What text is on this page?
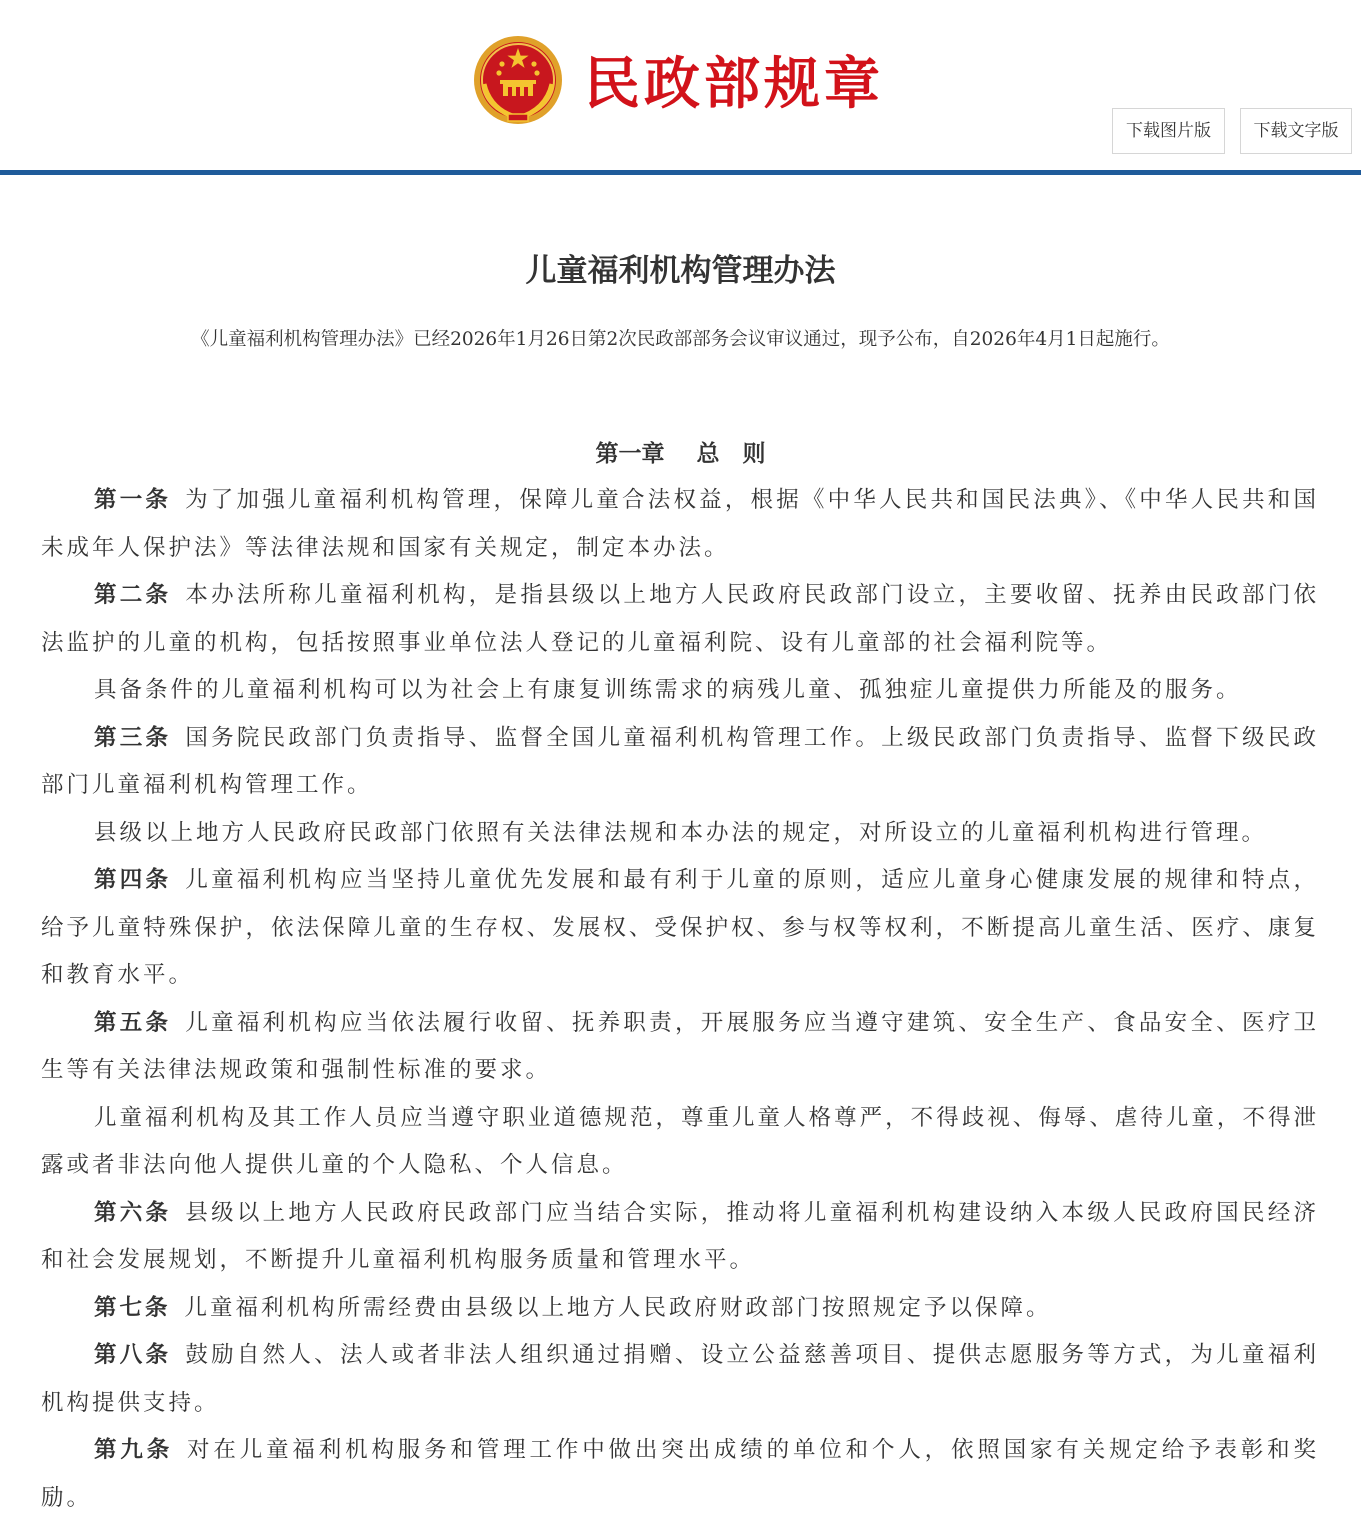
民政部规章
下载图片版	下载文字版
儿童福利机构管理办法
《儿童福利机构管理办法》已经2026年1月26日第2次民政部部务会议审议通过，现予公布，自2026年4月1日起施行。
第一章 总　则

第一条 为了加强儿童福利机构管理，保障儿童合法权益，根据《中华人民共和国民法典》、《中华人民共和国未成年人保护法》等法律法规和国家有关规定，制定本办法。

第二条 本办法所称儿童福利机构，是指县级以上地方人民政府民政部门设立，主要收留、抚养由民政部门依法监护的儿童的机构，包括按照事业单位法人登记的儿童福利院、设有儿童部的社会福利院等。

具备条件的儿童福利机构可以为社会上有康复训练需求的病残儿童、孤独症儿童提供力所能及的服务。

第三条 国务院民政部门负责指导、监督全国儿童福利机构管理工作。上级民政部门负责指导、监督下级民政部门儿童福利机构管理工作。

县级以上地方人民政府民政部门依照有关法律法规和本办法的规定，对所设立的儿童福利机构进行管理。

第四条 儿童福利机构应当坚持儿童优先发展和最有利于儿童的原则，适应儿童身心健康发展的规律和特点，给予儿童特殊保护，依法保障儿童的生存权、发展权、受保护权、参与权等权利，不断提高儿童生活、医疗、康复和教育水平。

第五条 儿童福利机构应当依法履行收留、抚养职责，开展服务应当遵守建筑、安全生产、食品安全、医疗卫生等有关法律法规政策和强制性标准的要求。

儿童福利机构及其工作人员应当遵守职业道德规范，尊重儿童人格尊严，不得歧视、侮辱、虐待儿童，不得泄露或者非法向他人提供儿童的个人隐私、个人信息。

第六条 县级以上地方人民政府民政部门应当结合实际，推动将儿童福利机构建设纳入本级人民政府国民经济和社会发展规划，不断提升儿童福利机构服务质量和管理水平。

第七条 儿童福利机构所需经费由县级以上地方人民政府财政部门按照规定予以保障。

第八条 鼓励自然人、法人或者非法人组织通过捐赠、设立公益慈善项目、提供志愿服务等方式，为儿童福利机构提供支持。

第九条 对在儿童福利机构服务和管理工作中做出突出成绩的单位和个人，依照国家有关规定给予表彰和奖励。
